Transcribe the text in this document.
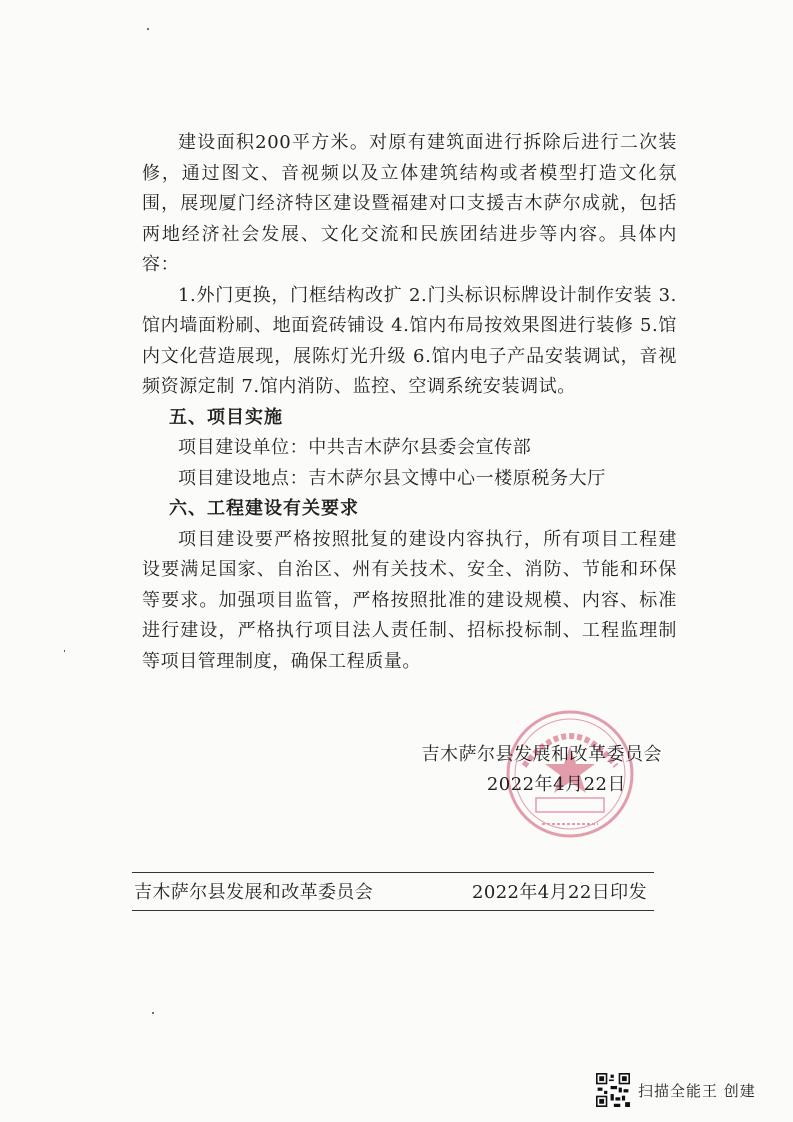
建设面积200平方米。对原有建筑面进行拆除后进行二次装修，通过图文、音视频以及立体建筑结构或者模型打造文化氛围，展现厦门经济特区建设暨福建对口支援吉木萨尔成就，包括两地经济社会发展、文化交流和民族团结进步等内容。具体内容：

1.外门更换，门框结构改扩 2.门头标识标牌设计制作安装 3.馆内墙面粉刷、地面瓷砖铺设 4.馆内布局按效果图进行装修 5.馆内文化营造展现，展陈灯光升级 6.馆内电子产品安装调试，音视频资源定制 7.馆内消防、监控、空调系统安装调试。

五、项目实施

项目建设单位：中共吉木萨尔县委会宣传部

项目建设地点：吉木萨尔县文博中心一楼原税务大厅

六、工程建设有关要求

项目建设要严格按照批复的建设内容执行，所有项目工程建设要满足国家、自治区、州有关技术、安全、消防、节能和环保等要求。加强项目监管，严格按照批准的建设规模、内容、标准进行建设，严格执行项目法人责任制、招标投标制、工程监理制等项目管理制度，确保工程质量。

吉木萨尔县发展和改革委员会
2022年4月22日
吉木萨尔县发展和改革委员会	2022年4月22日印发
扫描全能王 创建
